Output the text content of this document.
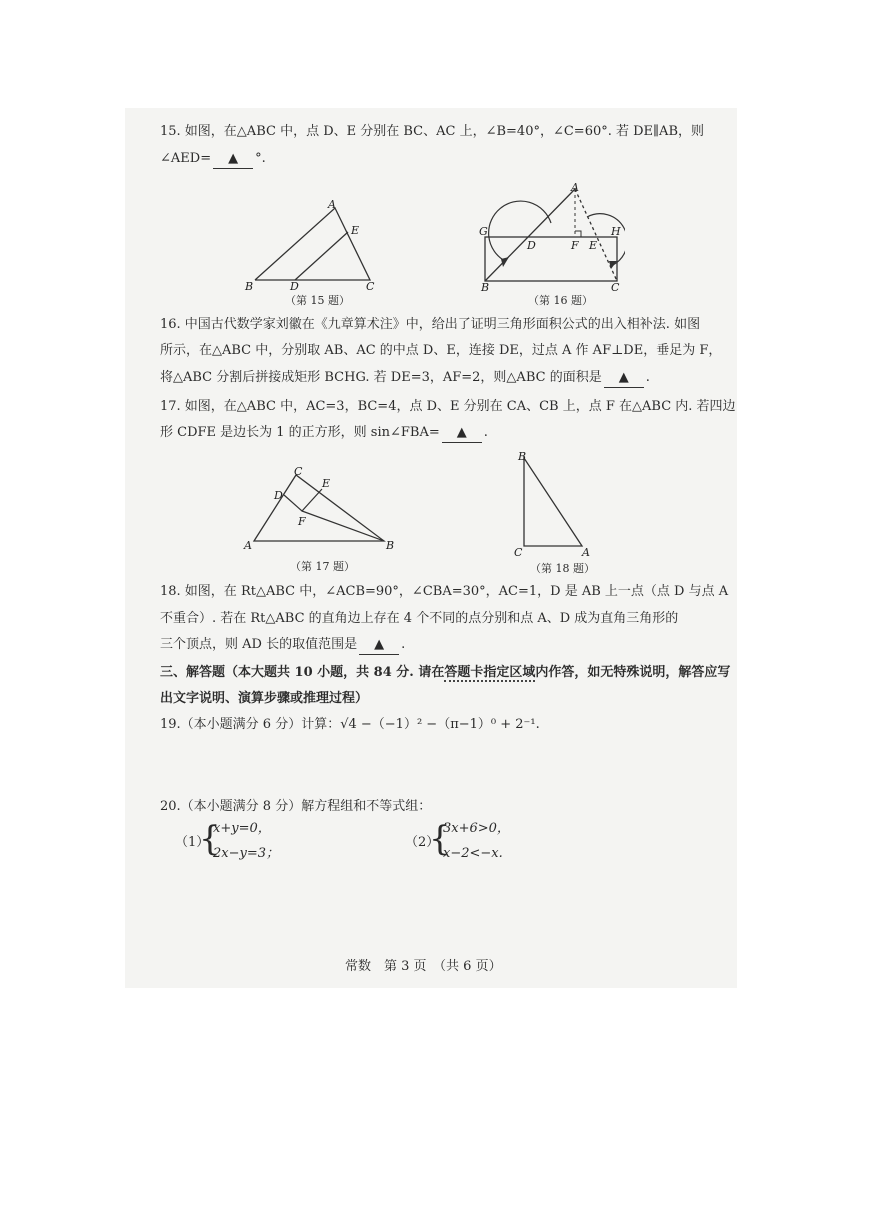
15. 如图，在△ABC 中，点 D、E 分别在 BC、AC 上，∠B=40°，∠C=60°. 若 DE∥AB，则
∠AED= ▲ °.
A
B	C
D
E
（第 15 题）
A
B	C
D	E
F
G	H
（第 16 题）
16. 中国古代数学家刘徽在《九章算术注》中，给出了证明三角形面积公式的出入相补法. 如图
所示，在△ABC 中，分别取 AB、AC 的中点 D、E，连接 DE，过点 A 作 AF⊥DE，垂足为 F，
将△ABC 分割后拼接成矩形 BCHG. 若 DE=3，AF=2，则△ABC 的面积是 ▲ .
17. 如图，在△ABC 中，AC=3，BC=4，点 D、E 分别在 CA、CB 上，点 F 在△ABC 内. 若四边
形 CDFE 是边长为 1 的正方形，则 sin∠FBA= ▲ .
A	B
C
D
E
F
（第 17 题）
B
C	A
（第 18 题）
18. 如图，在 Rt△ABC 中，∠ACB=90°，∠CBA=30°，AC=1，D 是 AB 上一点（点 D 与点 A
不重合）. 若在 Rt△ABC 的直角边上存在 4 个不同的点分别和点 A、D 成为直角三角形的
三个顶点，则 AD 长的取值范围是 ▲ .
三、解答题（本大题共 10 小题，共 84 分. 请在答题卡指定区域内作答，如无特殊说明，解答应写
出文字说明、演算步骤或推理过程）
19.（本小题满分 6 分）计算：√4 −（−1）² −（π−1）⁰ + 2⁻¹.
20.（本小题满分 8 分）解方程组和不等式组：
（1）
{
x+y=0，
2x−y=3；
（2）
{
3x+6>0，
x−2<−x.
常数　第 3 页　（共 6 页）
